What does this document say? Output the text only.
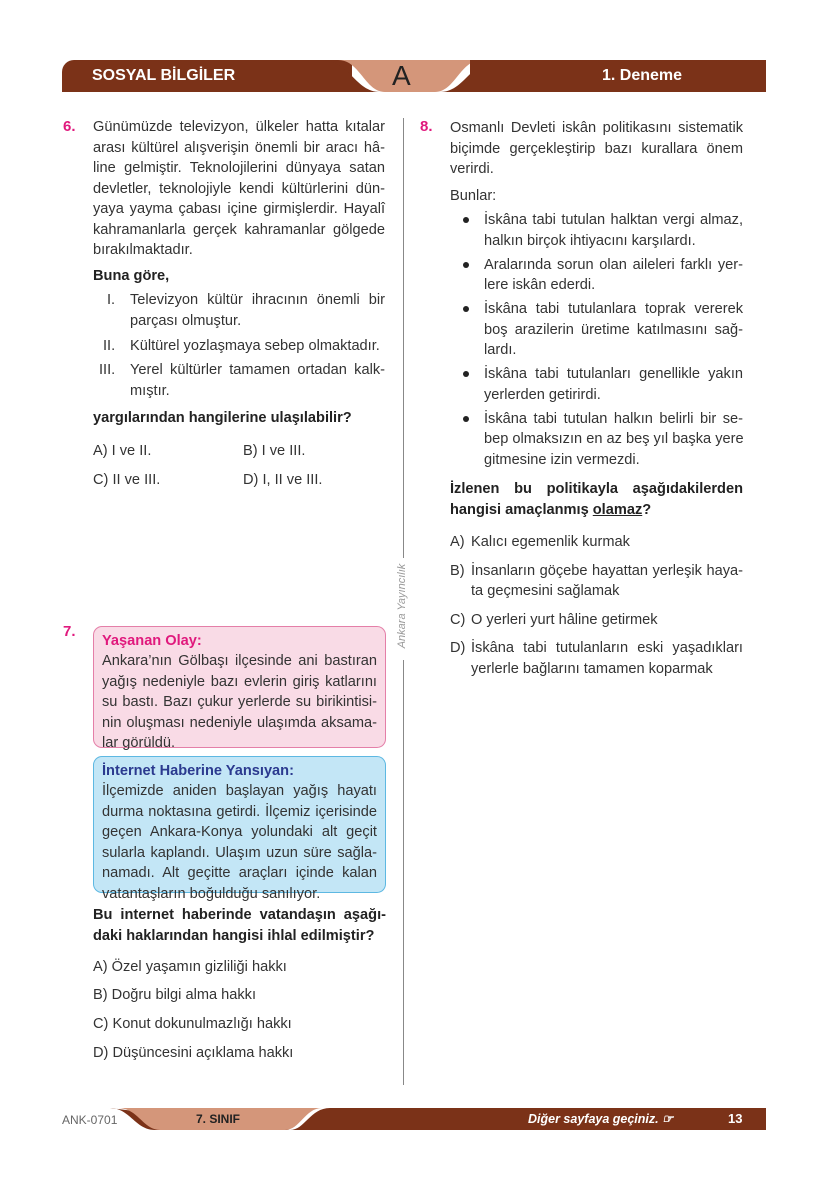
SOSYAL BİLGİLER	A	1. Deneme
Ankara Yayıncılık
6. Günümüzde televizyon, ülkeler hatta kıtalar
arası kültürel alışverişin önemli bir aracı hâ-
line gelmiştir. Teknolojilerini dünyaya satan
devletler, teknolojiyle kendi kültürlerini dün-
yaya yayma çabası içine girmişlerdir. Hayalî
kahramanlarla gerçek kahramanlar gölgede
bırakılmaktadır.
Buna göre,
I. Televizyon kültür ihracının önemli bir
parçası olmuştur.
II. Kültürel yozlaşmaya sebep olmaktadır.
III. Yerel kültürler tamamen ortadan kalk-
mıştır.
yargılarından hangilerine ulaşılabilir?
A) I ve II.	B) I ve III.
C) II ve III.	D) I, II ve III.
7.
Yaşanan Olay:
Ankara’nın Gölbaşı ilçesinde ani bastıran
yağış nedeniyle bazı evlerin giriş katlarını
su bastı. Bazı çukur yerlerde su birikintisi-
nin oluşması nedeniyle ulaşımda aksama-
lar görüldü.
İnternet Haberine Yansıyan:
İlçemizde aniden başlayan yağış hayatı
durma noktasına getirdi. İlçemiz içerisinde
geçen Ankara-Konya yolundaki alt geçit
sularla kaplandı. Ulaşım uzun süre sağla-
namadı. Alt geçitte araçları içinde kalan
vatantaşların boğulduğu sanılıyor.
Bu internet haberinde vatandaşın aşağı-
daki haklarından hangisi ihlal edilmiştir?
A) Özel yaşamın gizliliği hakkı
B) Doğru bilgi alma hakkı
C) Konut dokunulmazlığı hakkı
D) Düşüncesini açıklama hakkı
8. Osmanlı Devleti iskân politikasını sistematik
biçimde gerçekleştirip bazı kurallara önem
verirdi.
Bunlar:
İskâna tabi tutulan halktan vergi almaz,
halkın birçok ihtiyacını karşılardı.
Aralarında sorun olan aileleri farklı yer-
lere iskân ederdi.
İskâna tabi tutulanlara toprak vererek
boş arazilerin üretime katılmasını sağ-
lardı.
İskâna tabi tutulanları genellikle yakın
yerlerden getirirdi.
İskâna tabi tutulan halkın belirli bir se-
bep olmaksızın en az beş yıl başka yere
gitmesine izin vermezdi.
İzlenen bu politikayla aşağıdakilerden
hangisi amaçlanmış olamaz?
A) Kalıcı egemenlik kurmak
B) İnsanların göçebe hayattan yerleşik haya-
ta geçmesini sağlamak
C) O yerleri yurt hâline getirmek
D) İskâna tabi tutulanların eski yaşadıkları
yerlerle bağlarını tamamen koparmak
ANK-0701	7. SINIF	Diğer sayfaya geçiniz. ☞	13
